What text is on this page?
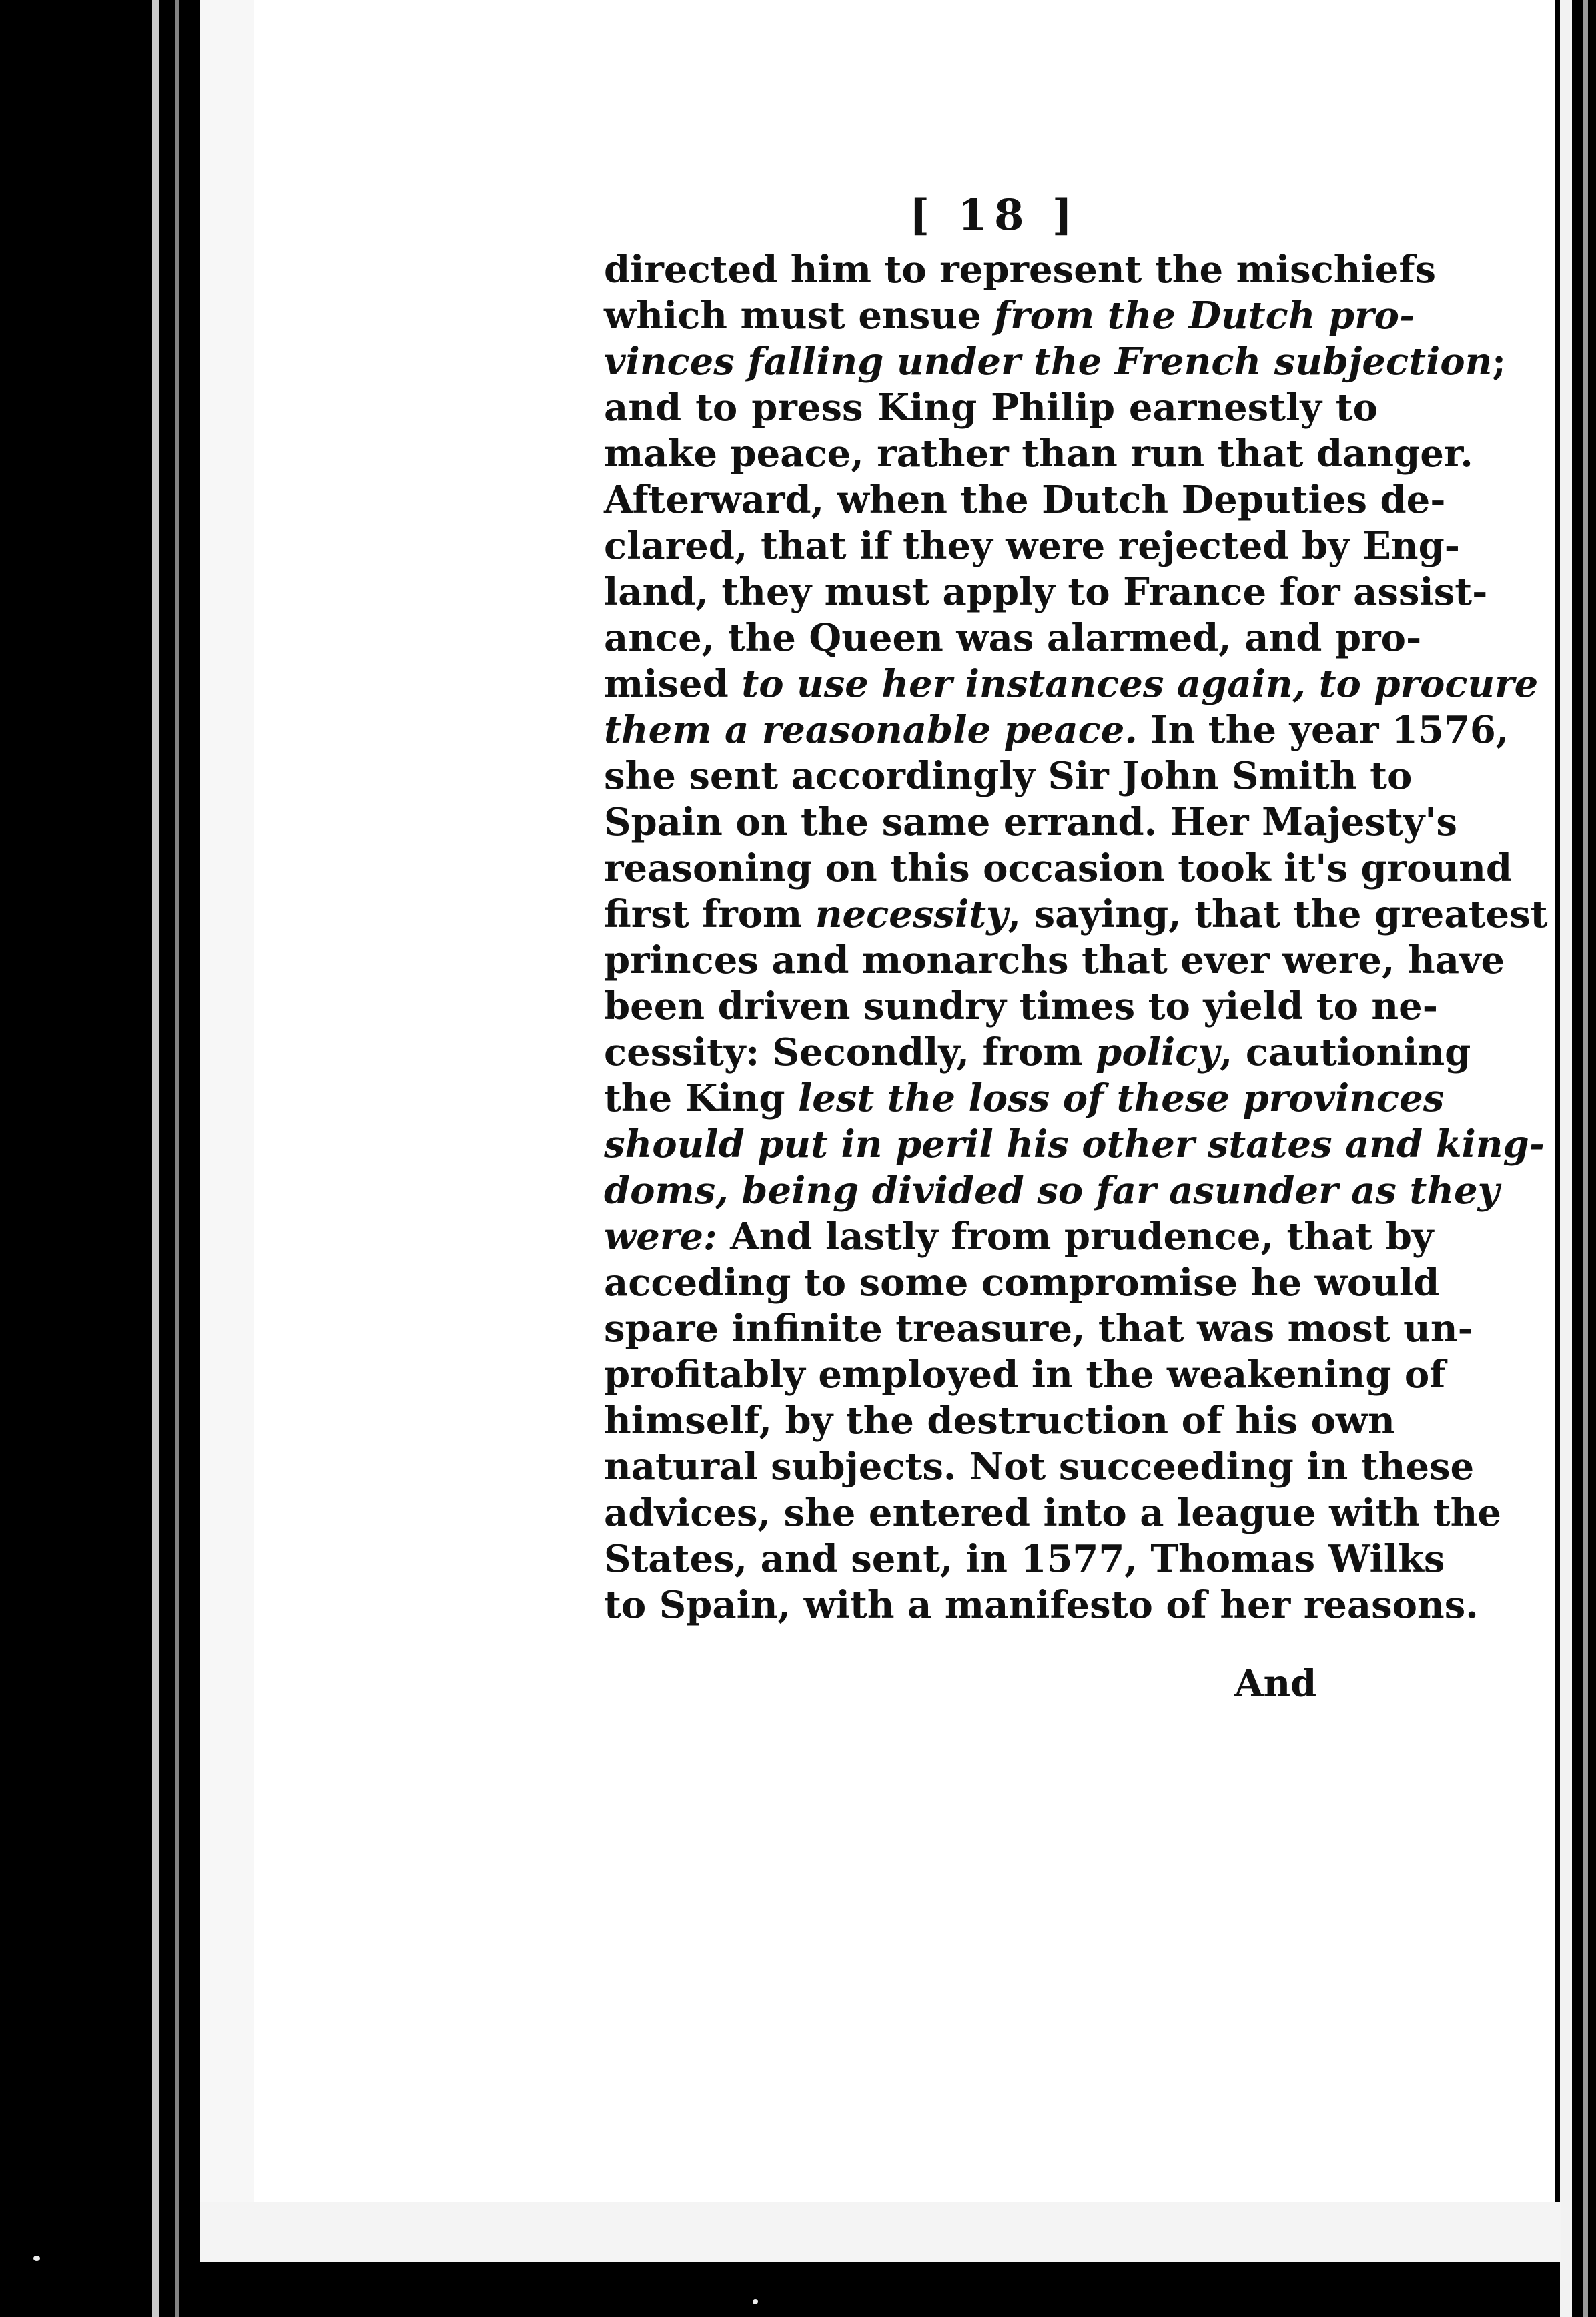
[ 18 ]
directed him to represent the mischiefs
which must ensue from the Dutch pro-
vinces falling under the French subjection;
and to press King Philip earnestly to
make peace, rather than run that danger.
Afterward, when the Dutch Deputies de-
clared, that if they were rejected by Eng-
land, they must apply to France for assist-
ance, the Queen was alarmed, and pro-
mised to use her instances again, to procure
them a reasonable peace. In the year 1576,
she sent accordingly Sir John Smith to
Spain on the same errand. Her Majesty's
reasoning on this occasion took it's ground
first from necessity, saying, that the greatest
princes and monarchs that ever were, have
been driven sundry times to yield to ne-
cessity: Secondly, from policy, cautioning
the King lest the loss of these provinces
should put in peril his other states and king-
doms, being divided so far asunder as they
were: And lastly from prudence, that by
acceding to some compromise he would
spare infinite treasure, that was most un-
profitably employed in the weakening of
himself, by the destruction of his own
natural subjects. Not succeeding in these
advices, she entered into a league with the
States, and sent, in 1577, Thomas Wilks
to Spain, with a manifesto of her reasons.
And
